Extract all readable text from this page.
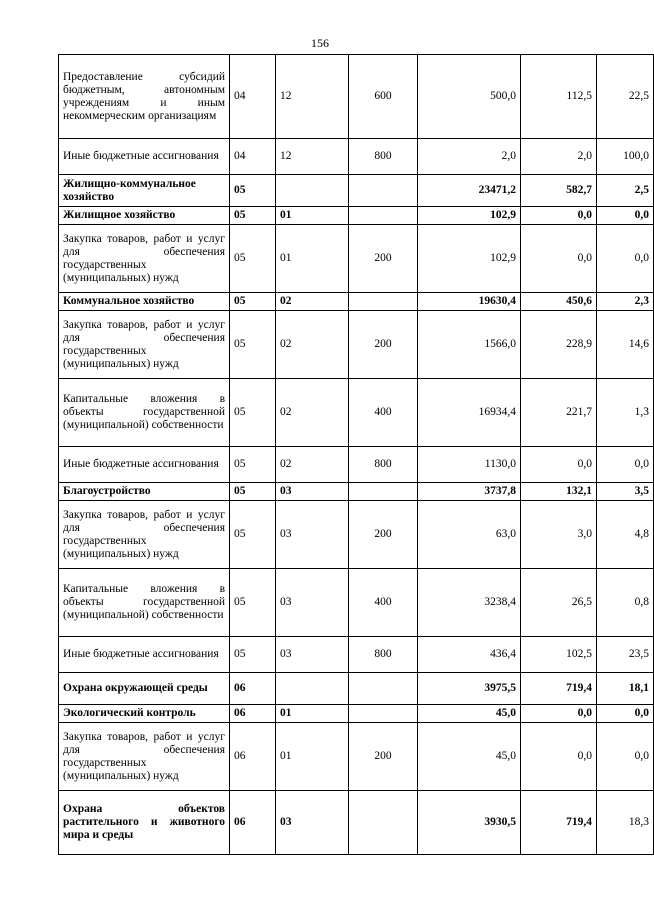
156
Предоставление субсидий бюджетным, автономным учреждениям и иным некоммерческим организациям	04	12	600	500,0	112,5	22,5
Иные бюджетные ассигнования	04	12	800	2,0	2,0	100,0
Жилищно-коммунальное хозяйство	05			23471,2	582,7	2,5
Жилищное хозяйство	05	01		102,9	0,0	0,0
Закупка товаров, работ и услуг для обеспечения государственных (муниципальных) нужд	05	01	200	102,9	0,0	0,0
Коммунальное хозяйство	05	02		19630,4	450,6	2,3
Закупка товаров, работ и услуг для обеспечения государственных (муниципальных) нужд	05	02	200	1566,0	228,9	14,6
Капитальные вложения в объекты государственной (муниципальной) собственности	05	02	400	16934,4	221,7	1,3
Иные бюджетные ассигнования	05	02	800	1130,0	0,0	0,0
Благоустройство	05	03		3737,8	132,1	3,5
Закупка товаров, работ и услуг для обеспечения государственных (муниципальных) нужд	05	03	200	63,0	3,0	4,8
Капитальные вложения в объекты государственной (муниципальной) собственности	05	03	400	3238,4	26,5	0,8
Иные бюджетные ассигнования	05	03	800	436,4	102,5	23,5
Охрана окружающей среды	06			3975,5	719,4	18,1
Экологический контроль	06	01		45,0	0,0	0,0
Закупка товаров, работ и услуг для обеспечения государственных (муниципальных) нужд	06	01	200	45,0	0,0	0,0
Охрана объектов растительного и животного мира и среды	06	03		3930,5	719,4	18,3
